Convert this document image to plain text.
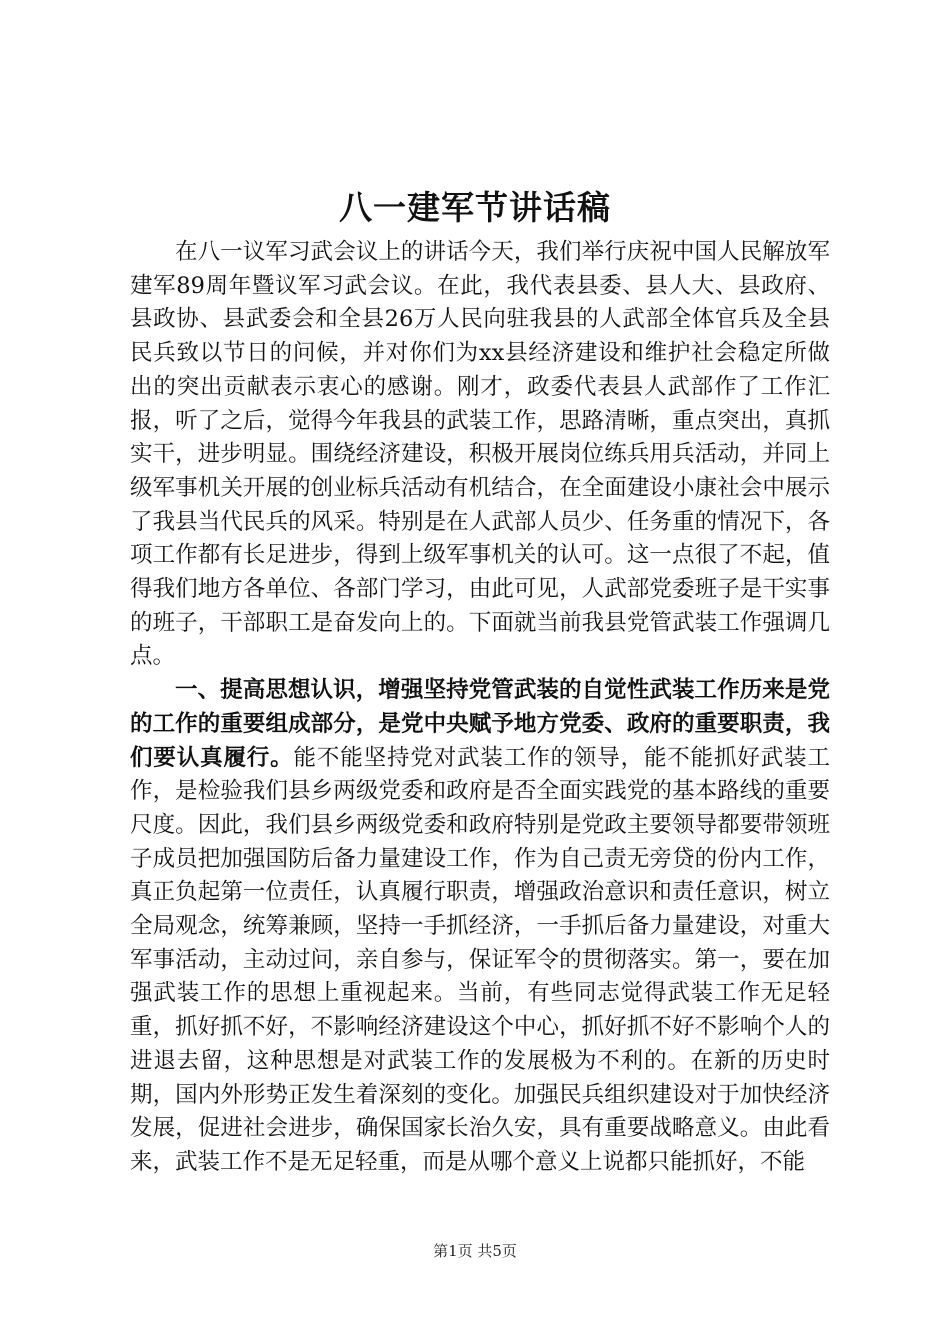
八一建军节讲话稿

在八一议军习武会议上的讲话今天，我们举行庆祝中国人民解放军建军89周年暨议军习武会议。在此，我代表县委、县人大、县政府、县政协、县武委会和全县26万人民向驻我县的人武部全体官兵及全县民兵致以节日的问候，并对你们为xx县经济建设和维护社会稳定所做出的突出贡献表示衷心的感谢。刚才，政委代表县人武部作了工作汇报，听了之后，觉得今年我县的武装工作，思路清晰，重点突出，真抓实干，进步明显。围绕经济建设，积极开展岗位练兵用兵活动，并同上级军事机关开展的创业标兵活动有机结合，在全面建设小康社会中展示了我县当代民兵的风采。特别是在人武部人员少、任务重的情况下，各项工作都有长足进步，得到上级军事机关的认可。这一点很了不起，值得我们地方各单位、各部门学习，由此可见，人武部党委班子是干实事的班子，干部职工是奋发向上的。下面就当前我县党管武装工作强调几点。

一、提高思想认识，增强坚持党管武装的自觉性武装工作历来是党的工作的重要组成部分，是党中央赋予地方党委、政府的重要职责，我们要认真履行。能不能坚持党对武装工作的领导，能不能抓好武装工作，是检验我们县乡两级党委和政府是否全面实践党的基本路线的重要尺度。因此，我们县乡两级党委和政府特别是党政主要领导都要带领班子成员把加强国防后备力量建设工作，作为自己责无旁贷的份内工作，真正负起第一位责任，认真履行职责，增强政治意识和责任意识，树立全局观念，统筹兼顾，坚持一手抓经济，一手抓后备力量建设，对重大军事活动，主动过问，亲自参与，保证军令的贯彻落实。第一，要在加强武装工作的思想上重视起来。当前，有些同志觉得武装工作无足轻重，抓好抓不好，不影响经济建设这个中心，抓好抓不好不影响个人的进退去留，这种思想是对武装工作的发展极为不利的。在新的历史时期，国内外形势正发生着深刻的变化。加强民兵组织建设对于加快经济发展，促进社会进步，确保国家长治久安，具有重要战略意义。由此看来，武装工作不是无足轻重，而是从哪个意义上说都只能抓好，不能

第1页 共5页
